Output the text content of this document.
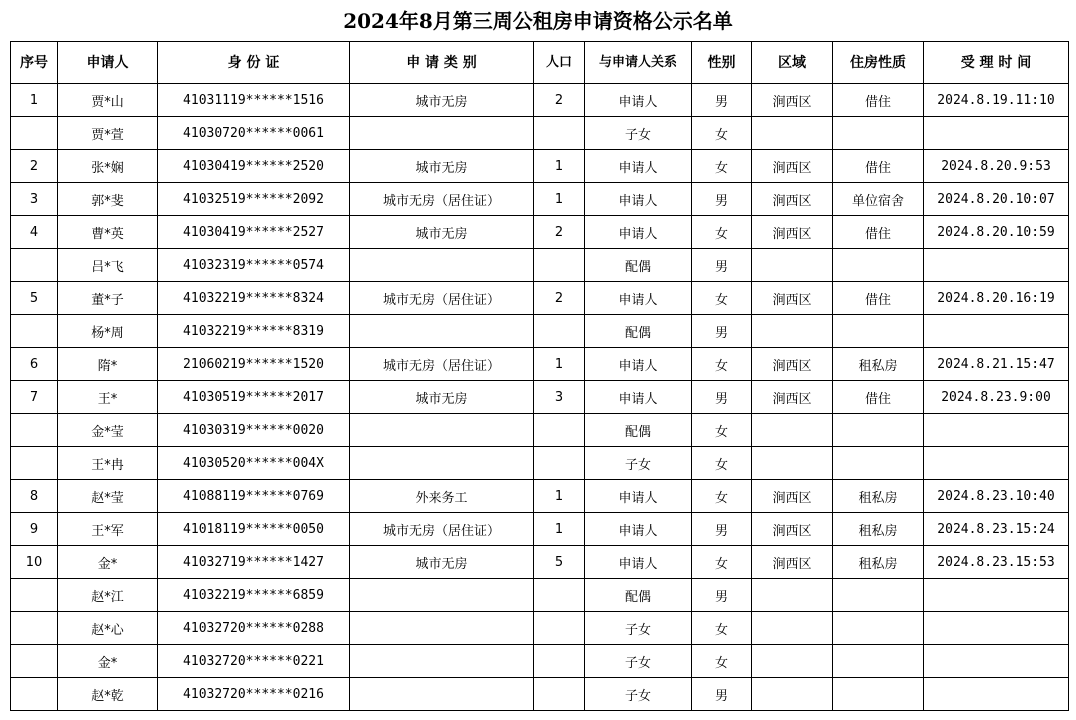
2024年8月第三周公租房申请资格公示名单
序号	申请人	身 份 证	申 请 类 别	人口	与申请人关系	性别	区域	住房性质	受 理 时 间
1	贾*山	41031119******1516	城市无房	2	申请人	男	涧西区	借住	2024.8.19.11:10
	贾*萱	41030720******0061			子女	女			
2	张*娴	41030419******2520	城市无房	1	申请人	女	涧西区	借住	2024.8.20.9:53
3	郭*斐	41032519******2092	城市无房（居住证）	1	申请人	男	涧西区	单位宿舍	2024.8.20.10:07
4	曹*英	41030419******2527	城市无房	2	申请人	女	涧西区	借住	2024.8.20.10:59
	吕*飞	41032319******0574			配偶	男			
5	董*子	41032219******8324	城市无房（居住证）	2	申请人	女	涧西区	借住	2024.8.20.16:19
	杨*周	41032219******8319			配偶	男			
6	隋*	21060219******1520	城市无房（居住证）	1	申请人	女	涧西区	租私房	2024.8.21.15:47
7	王*	41030519******2017	城市无房	3	申请人	男	涧西区	借住	2024.8.23.9:00
	金*莹	41030319******0020			配偶	女			
	王*冉	41030520******004X			子女	女			
8	赵*莹	41088119******0769	外来务工	1	申请人	女	涧西区	租私房	2024.8.23.10:40
9	王*军	41018119******0050	城市无房（居住证）	1	申请人	男	涧西区	租私房	2024.8.23.15:24
10	金*	41032719******1427	城市无房	5	申请人	女	涧西区	租私房	2024.8.23.15:53
	赵*江	41032219******6859			配偶	男			
	赵*心	41032720******0288			子女	女			
	金*	41032720******0221			子女	女			
	赵*乾	41032720******0216			子女	男			
